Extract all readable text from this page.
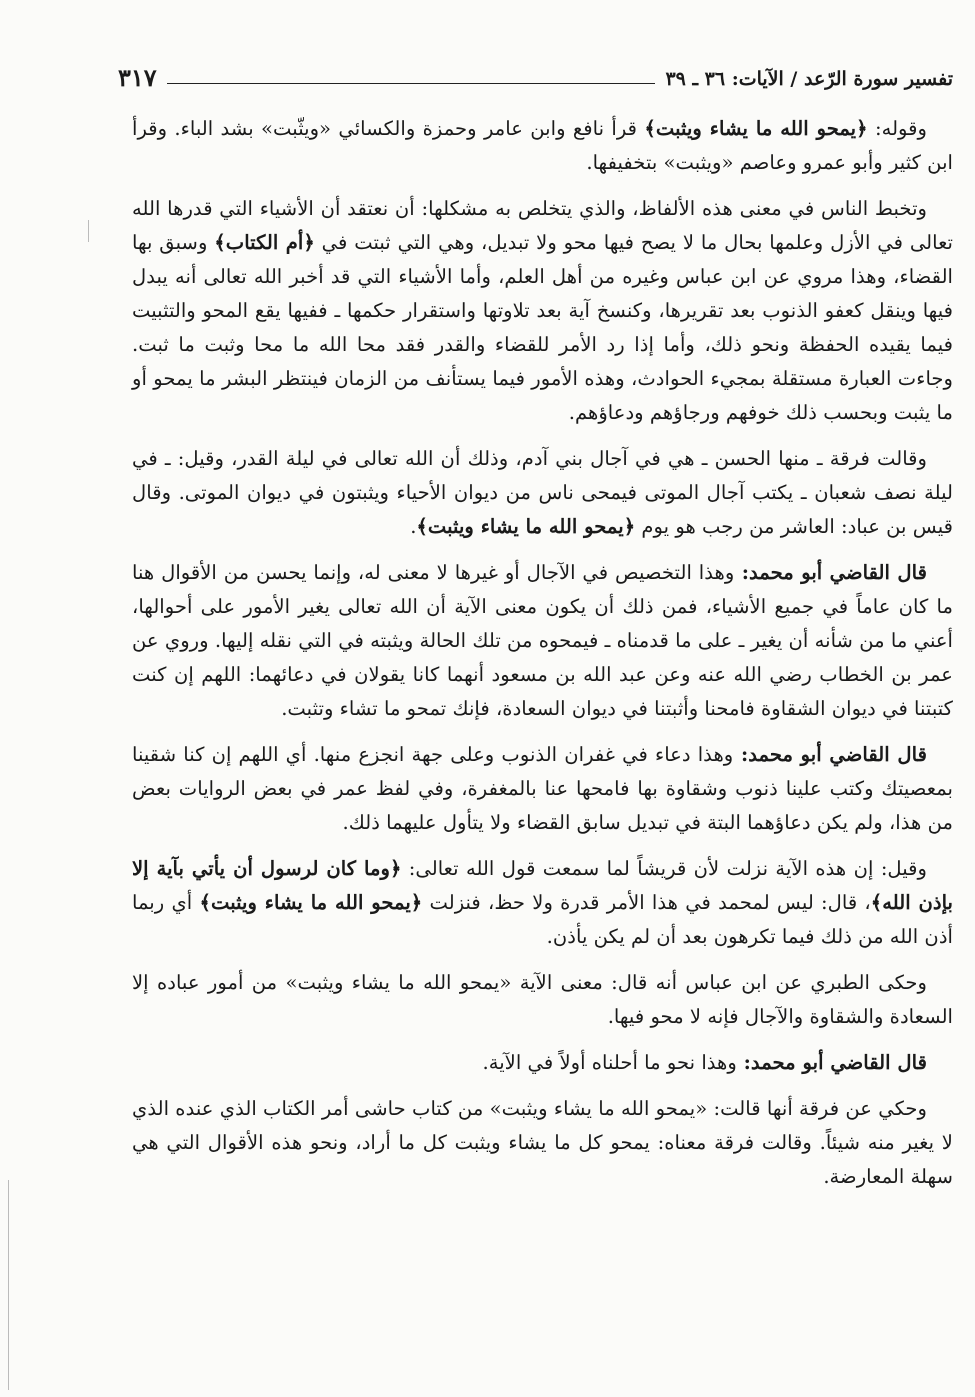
تفسير سورة الرّعد / الآيات: ٣٦ ـ ٣٩
٣١٧

وقوله: ﴿يمحو الله ما يشاء ويثبت﴾ قرأ نافع وابن عامر وحمزة والكسائي «ويثّبت» بشد الباء. وقرأ ابن كثير وأبو عمرو وعاصم «ويثبت» بتخفيفها.

وتخبط الناس في معنى هذه الألفاظ، والذي يتخلص به مشكلها: أن نعتقد أن الأشياء التي قدرها الله تعالى في الأزل وعلمها بحال ما لا يصح فيها محو ولا تبديل، وهي التي ثبتت في ﴿أم الكتاب﴾ وسبق بها القضاء، وهذا مروي عن ابن عباس وغيره من أهل العلم، وأما الأشياء التي قد أخبر الله تعالى أنه يبدل فيها وينقل كعفو الذنوب بعد تقريرها، وكنسخ آية بعد تلاوتها واستقرار حكمها ـ ففيها يقع المحو والتثبيت فيما يقيده الحفظة ونحو ذلك، وأما إذا رد الأمر للقضاء والقدر فقد محا الله ما محا وثبت ما ثبت. وجاءت العبارة مستقلة بمجيء الحوادث، وهذه الأمور فيما يستأنف من الزمان فينتظر البشر ما يمحو أو ما يثبت وبحسب ذلك خوفهم ورجاؤهم ودعاؤهم.

وقالت فرقة ـ منها الحسن ـ هي في آجال بني آدم، وذلك أن الله تعالى في ليلة القدر، وقيل: ـ في ليلة نصف شعبان ـ يكتب آجال الموتى فيمحى ناس من ديوان الأحياء ويثبتون في ديوان الموتى. وقال قيس بن عباد: العاشر من رجب هو يوم ﴿يمحو الله ما يشاء ويثبت﴾.

قال القاضي أبو محمد: وهذا التخصيص في الآجال أو غيرها لا معنى له، وإنما يحسن من الأقوال هنا ما كان عاماً في جميع الأشياء، فمن ذلك أن يكون معنى الآية أن الله تعالى يغير الأمور على أحوالها، أعني ما من شأنه أن يغير ـ على ما قدمناه ـ فيمحوه من تلك الحالة ويثبته في التي نقله إليها. وروي عن عمر بن الخطاب رضي الله عنه وعن عبد الله بن مسعود أنهما كانا يقولان في دعائهما: اللهم إن كنت كتبتنا في ديوان الشقاوة فامحنا وأثبتنا في ديوان السعادة، فإنك تمحو ما تشاء وتثبت.

قال القاضي أبو محمد: وهذا دعاء في غفران الذنوب وعلى جهة انجزع منها. أي اللهم إن كنا شقينا بمعصيتك وكتب علينا ذنوب وشقاوة بها فامحها عنا بالمغفرة، وفي لفظ عمر في بعض الروايات بعض من هذا، ولم يكن دعاؤهما البتة في تبديل سابق القضاء ولا يتأول عليهما ذلك.

وقيل: إن هذه الآية نزلت لأن قريشاً لما سمعت قول الله تعالى: ﴿وما كان لرسول أن يأتي بآية إلا بإذن الله﴾، قال: ليس لمحمد في هذا الأمر قدرة ولا حظ، فنزلت ﴿يمحو الله ما يشاء ويثبت﴾ أي ربما أذن الله من ذلك فيما تكرهون بعد أن لم يكن يأذن.

وحكى الطبري عن ابن عباس أنه قال: معنى الآية «يمحو الله ما يشاء ويثبت» من أمور عباده إلا السعادة والشقاوة والآجال فإنه لا محو فيها.

قال القاضي أبو محمد: وهذا نحو ما أحلناه أولاً في الآية.

وحكي عن فرقة أنها قالت: «يمحو الله ما يشاء ويثبت» من كتاب حاشى أمر الكتاب الذي عنده الذي لا يغير منه شيئاً. وقالت فرقة معناه: يمحو كل ما يشاء ويثبت كل ما أراد، ونحو هذه الأقوال التي هي سهلة المعارضة.
